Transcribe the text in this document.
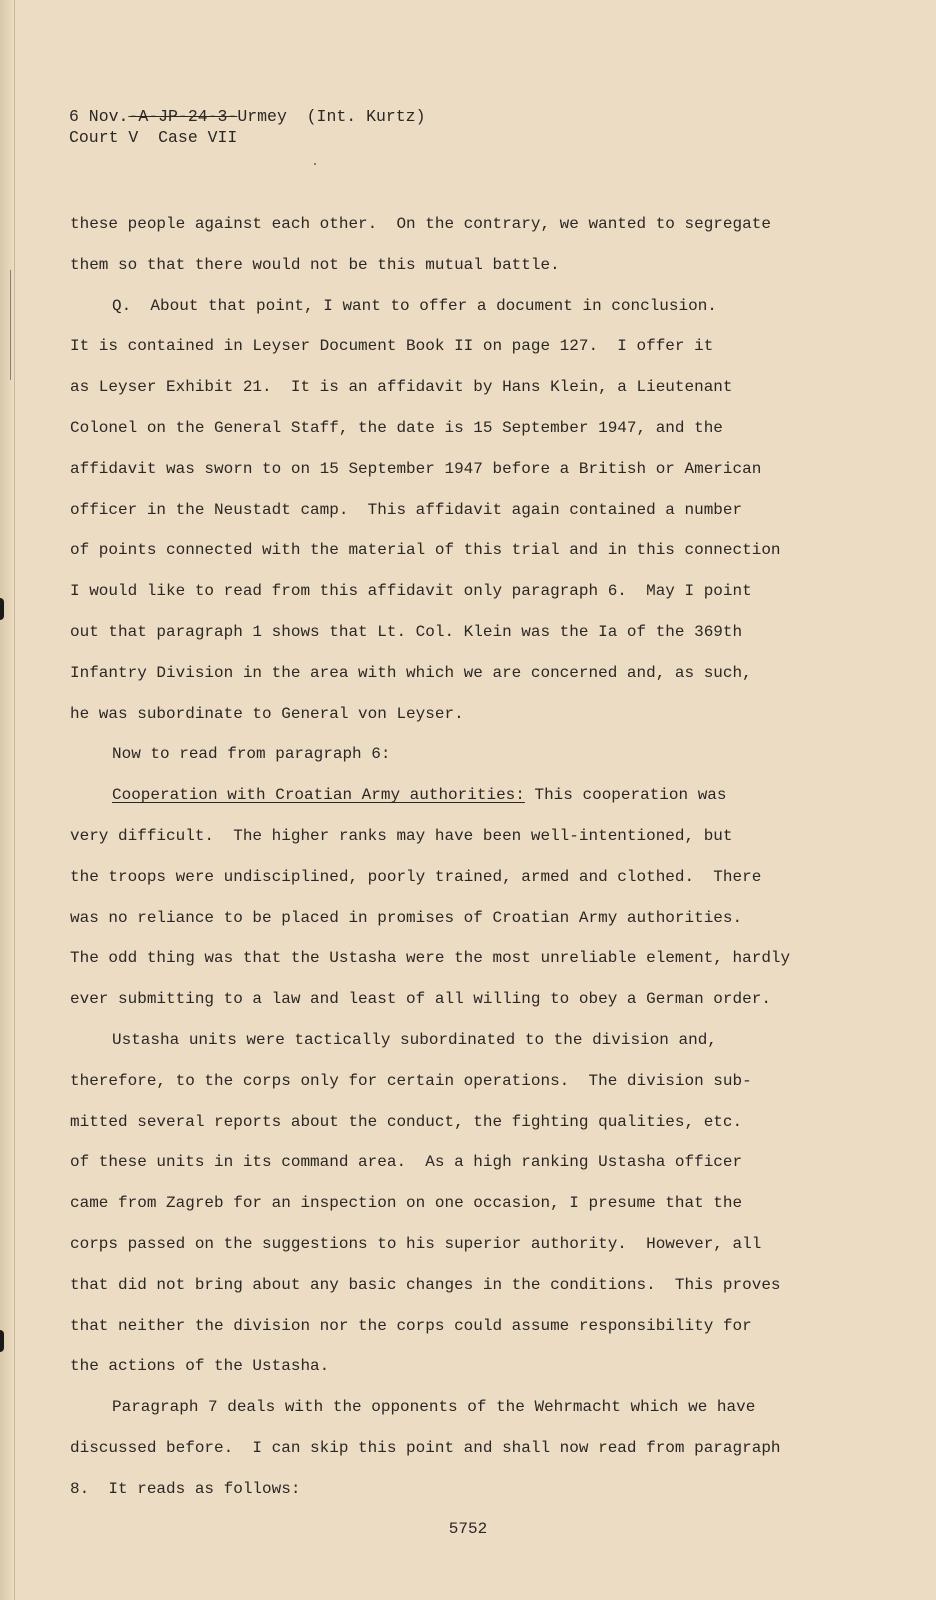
6 Nov.-A-JP-24-3-Urmey  (Int. Kurtz)
Court V  Case VII
these people against each other.  On the contrary, we wanted to segregate
them so that there would not be this mutual battle.
Q.  About that point, I want to offer a document in conclusion.
It is contained in Leyser Document Book II on page 127.  I offer it
as Leyser Exhibit 21.  It is an affidavit by Hans Klein, a Lieutenant
Colonel on the General Staff, the date is 15 September 1947, and the
affidavit was sworn to on 15 September 1947 before a British or American
officer in the Neustadt camp.  This affidavit again contained a number
of points connected with the material of this trial and in this connection
I would like to read from this affidavit only paragraph 6.  May I point
out that paragraph 1 shows that Lt. Col. Klein was the Ia of the 369th
Infantry Division in the area with which we are concerned and, as such,
he was subordinate to General von Leyser.
Now to read from paragraph 6:
Cooperation with Croatian Army authorities: This cooperation was
very difficult.  The higher ranks may have been well-intentioned, but
the troops were undisciplined, poorly trained, armed and clothed.  There
was no reliance to be placed in promises of Croatian Army authorities.
The odd thing was that the Ustasha were the most unreliable element, hardly
ever submitting to a law and least of all willing to obey a German order.
Ustasha units were tactically subordinated to the division and,
therefore, to the corps only for certain operations.  The division sub-
mitted several reports about the conduct, the fighting qualities, etc.
of these units in its command area.  As a high ranking Ustasha officer
came from Zagreb for an inspection on one occasion, I presume that the
corps passed on the suggestions to his superior authority.  However, all
that did not bring about any basic changes in the conditions.  This proves
that neither the division nor the corps could assume responsibility for
the actions of the Ustasha.
Paragraph 7 deals with the opponents of the Wehrmacht which we have
discussed before.  I can skip this point and shall now read from paragraph
8.  It reads as follows:
5752
